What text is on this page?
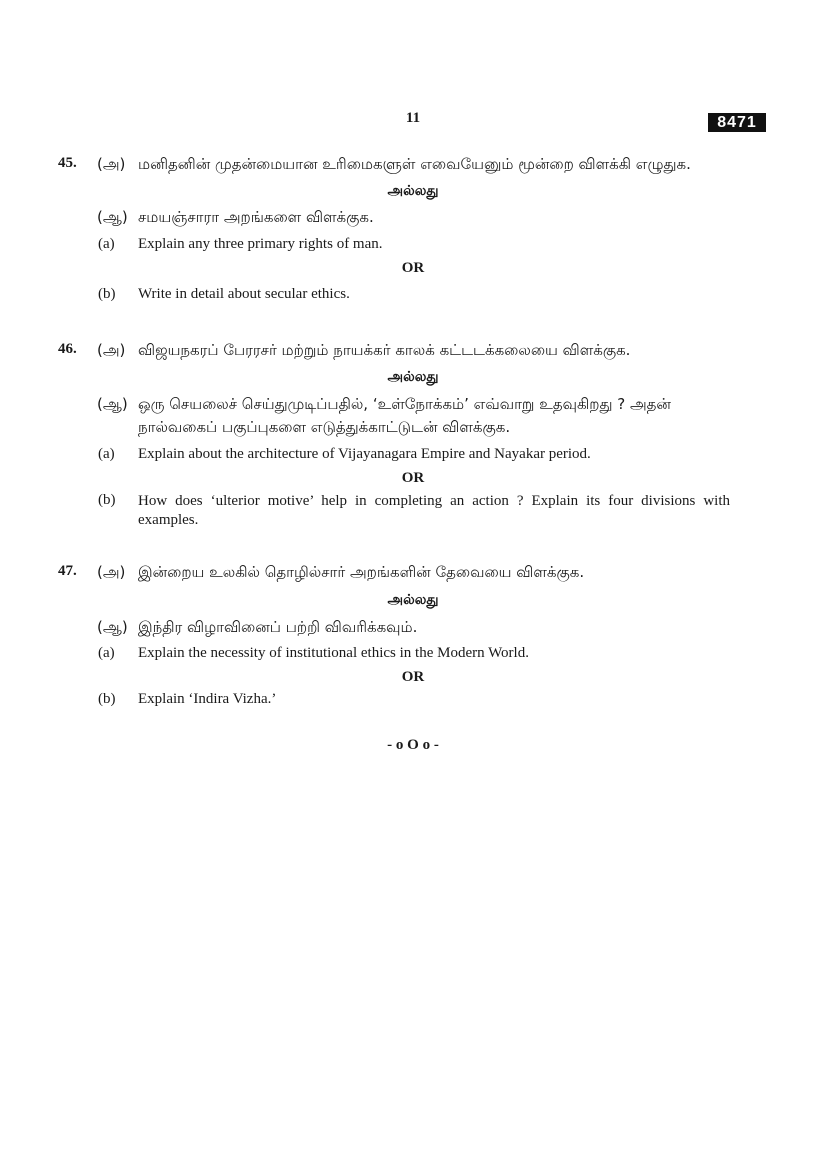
11	8471
45. (அ) மனிதனின் முதன்மையான உரிமைகளுள் எவையேனும் மூன்றை விளக்கி எழுதுக.
அல்லது
(ஆ) சமயஞ்சாரா அறங்களை விளக்குக.
(a) Explain any three primary rights of man.
OR
(b) Write in detail about secular ethics.
46. (அ) விஜயநகரப் பேரரசர் மற்றும் நாயக்கர் காலக் கட்டடக்கலையை விளக்குக.
அல்லது
(ஆ) ஒரு செயலைச் செய்துமுடிப்பதில், ‘உள்நோக்கம்’ எவ்வாறு உதவுகிறது ? அதன்
நால்வகைப் பகுப்புகளை எடுத்துக்காட்டுடன் விளக்குக.
(a) Explain about the architecture of Vijayanagara Empire and Nayakar period.
OR
(b) How does ‘ulterior motive’ help in completing an action ? Explain its four divisions with examples.
47. (அ) இன்றைய உலகில் தொழில்சார் அறங்களின் தேவையை விளக்குக.
அல்லது
(ஆ) இந்திர விழாவினைப் பற்றி விவரிக்கவும்.
(a) Explain the necessity of institutional ethics in the Modern World.
OR
(b) Explain ‘Indira Vizha.’
- o O o -
